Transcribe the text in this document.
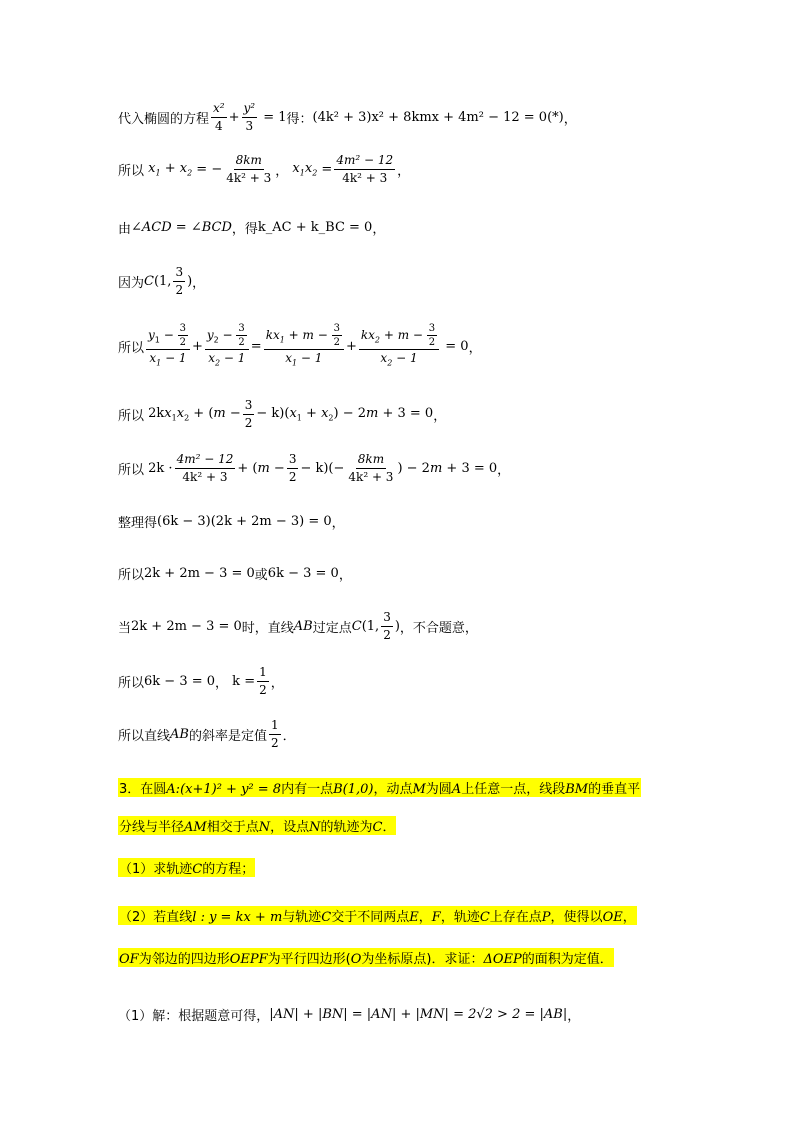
代入椭圆的方程 $\frac{\text{x²}}{4} + \frac{\text{y²}}{3} = 1$ 得： (4k² + 3)x² + 8kmx + 4m² − 12 = 0(*) ，
所以 $x_1 + x_2$ = − $\frac{8km}{\text{4k² + 3}}$ ， $x_1x_2 = \frac{\text{4m² − 12}}{\text{4k² + 3}}$ ，
由 ∠ACD = ∠BCD ，得 k_AC + k_BC = 0 ，
因为 C (1, $\frac{3}{2}$ ) ，
所以 $\frac{y_1 - \frac{3}{2}}{x_1 - 1} + \frac{y_2 - \frac{3}{2}}{x_2 - 1} = \frac{kx_1 + m - \frac{3}{2}}{x_1 - 1} + \frac{kx_2 + m - \frac{3}{2}}{x_2 - 1} = 0$ ，
所以 $2kx_1x_2 + (m - \frac{3}{2} - k)(x_1 + x_2) - 2m + 3 = 0$ ，
所以 $2k \cdot \frac{\text{4m² − 12}}{\text{4k² + 3}} + (m - \frac{3}{2} - k)(- \frac{8km}{\text{4k² + 3}}$ ) − 2m + 3 = 0 ，
整理得 (6k − 3)(2k + 2m − 3) = 0 ，
所以 2k + 2m − 3 = 0 或 6k − 3 = 0 ，
当 2k + 2m − 3 = 0 时，直线 AB 过定点 C (1, $\frac{3}{2}$ ) ，不合题意，
所以 6k − 3 = 0 ， $k = \frac{1}{2}$ ，
所以直线 AB 的斜率是定值 $\frac{1}{2}$ ．
3．在圆A:(x+1)² + y² = 8内有一点B(1,0)，动点M为圆A上任意一点，线段BM的垂直平
分线与半径AM相交于点N，设点N的轨迹为C．
（1）求轨迹C的方程；
（2）若直线l : y = kx + m与轨迹C交于不同两点E，F，轨迹C上存在点P，使得以OE，
OF为邻边的四边形OEPF为平行四边形(O为坐标原点)．求证：ΔOEP的面积为定值．
（1）解：根据题意可得， |AN| + |BN| = |AN| + |MN| = 2√2 > 2 = |AB| ，
